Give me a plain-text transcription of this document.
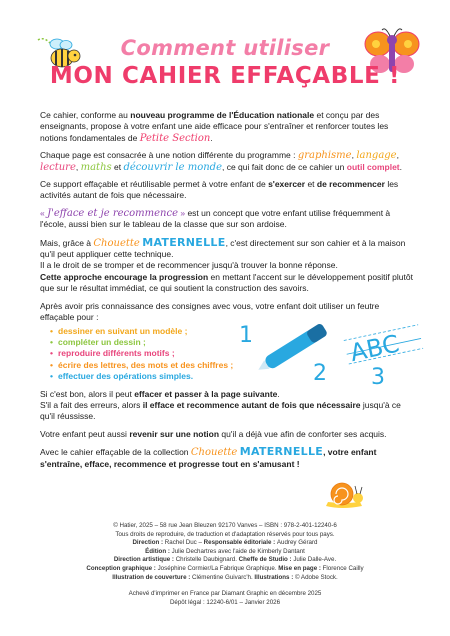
Comment utiliser
MON CAHIER EFFAÇABLE !

Ce cahier, conforme au nouveau programme de l'Éducation nationale et conçu par des enseignants, propose à votre enfant une aide efficace pour s'entraîner et renforcer toutes les notions fondamentales de Petite Section.

Chaque page est consacrée à une notion différente du programme : graphisme, langage, lecture, maths et découvrir le monde, ce qui fait donc de ce cahier un outil complet.

Ce support effaçable et réutilisable permet à votre enfant de s'exercer et de recommencer les activités autant de fois que nécessaire.

« J'efface et je recommence » est un concept que votre enfant utilise fréquemment à l'école, aussi bien sur le tableau de la classe que sur son ardoise.

Mais, grâce à Chouette MATERNELLE, c'est directement sur son cahier et à la maison qu'il peut appliquer cette technique.
Il a le droit de se tromper et de recommencer jusqu'à trouver la bonne réponse.
Cette approche encourage la progression en mettant l'accent sur le développement positif plutôt que sur le résultat immédiat, ce qui soutient la construction des savoirs.

Après avoir pris connaissance des consignes avec vous, votre enfant doit utiliser un feutre effaçable pour :

• dessiner en suivant un modèle ;
• compléter un dessin ;
• reproduire différents motifs ;
• écrire des lettres, des mots et des chiffres ;
• effectuer des opérations simples.

Si c'est bon, alors il peut effacer et passer à la page suivante.
S'il a fait des erreurs, alors il efface et recommence autant de fois que nécessaire jusqu'à ce qu'il réussisse.

Votre enfant peut aussi revenir sur une notion qu'il a déjà vue afin de conforter ses acquis.

Avec le cahier effaçable de la collection Chouette MATERNELLE, votre enfant s'entraîne, efface, recommence et progresse tout en s'amusant !

1
2 3
ABC
© Hatier, 2025 – 58 rue Jean Bleuzen 92170 Vanves – ISBN : 978-2-401-12240-6
Tous droits de reproduire, de traduction et d'adaptation réservés pour tous pays.
Direction : Rachel Duc – Responsable éditoriale : Audrey Gérard
Édition : Julie Dechartres avec l'aide de Kimberly Dantant
Direction artistique : Christelle Daubignard. Cheffe de Studio : Julie Dalle-Ave.
Conception graphique : Joséphine Cormier/La Fabrique Graphique. Mise en page : Florence Cailly
Illustration de couverture : Clémentine Guivarc'h. Illustrations : © Adobe Stock.
Achevé d'imprimer en France par Diamant Graphic en décembre 2025
Dépôt légal : 12240-6/01 – Janvier 2026
